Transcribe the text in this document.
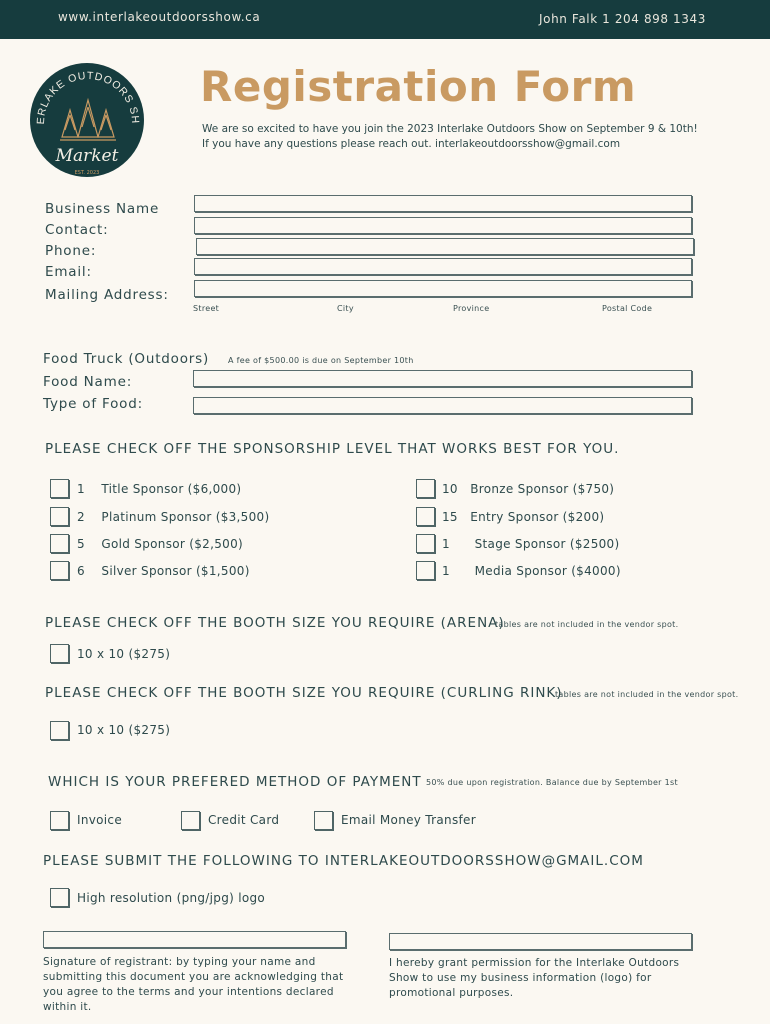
www.interlakeoutdoorsshow.ca	John Falk 1 204 898 1343
ERLAKE OUTDOORS SH
Market
EST. 2023
Registration Form
We are so excited to have you join the 2023 Interlake Outdoors Show on September 9 & 10th! If you have any questions please reach out. interlakeoutdoorsshow@gmail.com
Business Name
Contact:
Phone:
Email:
Mailing Address:
Street	City	Province	Postal Code
Food Truck (Outdoors) A fee of $500.00 is due on September 10th
Food Name:
Type of Food:
PLEASE CHECK OFF THE SPONSORSHIP LEVEL THAT WORKS BEST FOR YOU.
1 Title Sponsor ($6,000)
2 Platinum Sponsor ($3,500)
5 Gold Sponsor ($2,500)
6 Silver Sponsor ($1,500)
10 Bronze Sponsor ($750)
15 Entry Sponsor ($200)
1 Stage Sponsor ($2500)
1 Media Sponsor ($4000)
PLEASE CHECK OFF THE BOOTH SIZE YOU REQUIRE (ARENA)
tables are not included in the vendor spot.
10 x 10 ($275)
PLEASE CHECK OFF THE BOOTH SIZE YOU REQUIRE (CURLING RINK)
tables are not included in the vendor spot.
10 x 10 ($275)
WHICH IS YOUR PREFERED METHOD OF PAYMENT 50% due upon registration. Balance due by September 1st
Invoice	Credit Card	Email Money Transfer
PLEASE SUBMIT THE FOLLOWING TO INTERLAKEOUTDOORSSHOW@GMAIL.COM
High resolution (png/jpg) logo
Signature of registrant: by typing your name and submitting this document you are acknowledging that you agree to the terms and your intentions declared within it.
I hereby grant permission for the Interlake Outdoors Show to use my business information (logo) for promotional purposes.
